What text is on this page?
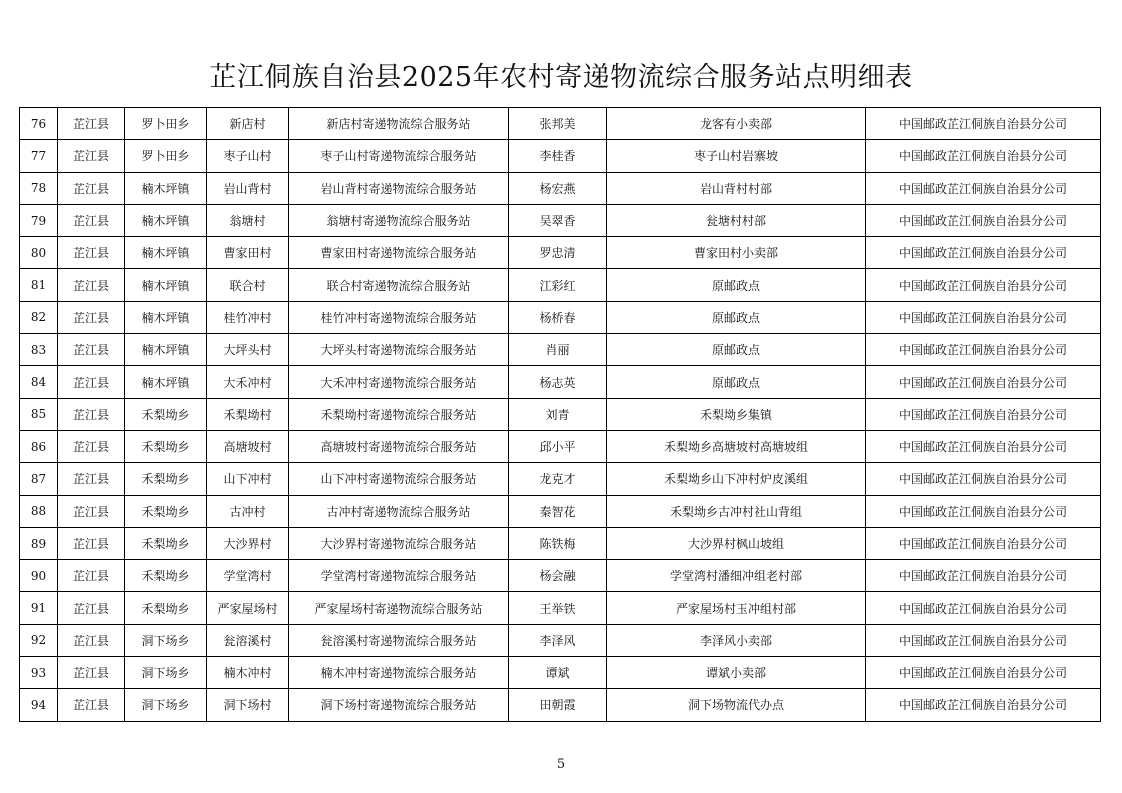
芷江侗族自治县2025年农村寄递物流综合服务站点明细表
76	芷江县	罗卜田乡	新店村	新店村寄递物流综合服务站	张邦美	龙客有小卖部	中国邮政芷江侗族自治县分公司
77	芷江县	罗卜田乡	枣子山村	枣子山村寄递物流综合服务站	李桂香	枣子山村岩寨坡	中国邮政芷江侗族自治县分公司
78	芷江县	楠木坪镇	岩山背村	岩山背村寄递物流综合服务站	杨宏燕	岩山背村村部	中国邮政芷江侗族自治县分公司
79	芷江县	楠木坪镇	翁塘村	翁塘村寄递物流综合服务站	吴翠香	瓮塘村村部	中国邮政芷江侗族自治县分公司
80	芷江县	楠木坪镇	曹家田村	曹家田村寄递物流综合服务站	罗忠清	曹家田村小卖部	中国邮政芷江侗族自治县分公司
81	芷江县	楠木坪镇	联合村	联合村寄递物流综合服务站	江彩红	原邮政点	中国邮政芷江侗族自治县分公司
82	芷江县	楠木坪镇	桂竹冲村	桂竹冲村寄递物流综合服务站	杨桥春	原邮政点	中国邮政芷江侗族自治县分公司
83	芷江县	楠木坪镇	大坪头村	大坪头村寄递物流综合服务站	肖丽	原邮政点	中国邮政芷江侗族自治县分公司
84	芷江县	楠木坪镇	大禾冲村	大禾冲村寄递物流综合服务站	杨志英	原邮政点	中国邮政芷江侗族自治县分公司
85	芷江县	禾梨坳乡	禾梨坳村	禾梨坳村寄递物流综合服务站	刘青	禾梨坳乡集镇	中国邮政芷江侗族自治县分公司
86	芷江县	禾梨坳乡	高塘坡村	高塘坡村寄递物流综合服务站	邱小平	禾梨坳乡高塘坡村高塘坡组	中国邮政芷江侗族自治县分公司
87	芷江县	禾梨坳乡	山下冲村	山下冲村寄递物流综合服务站	龙克才	禾梨坳乡山下冲村炉皮溪组	中国邮政芷江侗族自治县分公司
88	芷江县	禾梨坳乡	古冲村	古冲村寄递物流综合服务站	秦智花	禾梨坳乡古冲村社山背组	中国邮政芷江侗族自治县分公司
89	芷江县	禾梨坳乡	大沙界村	大沙界村寄递物流综合服务站	陈铁梅	大沙界村枫山坡组	中国邮政芷江侗族自治县分公司
90	芷江县	禾梨坳乡	学堂湾村	学堂湾村寄递物流综合服务站	杨会融	学堂湾村潘细冲组老村部	中国邮政芷江侗族自治县分公司
91	芷江县	禾梨坳乡	严家屋场村	严家屋场村寄递物流综合服务站	王举铁	严家屋场村玉冲组村部	中国邮政芷江侗族自治县分公司
92	芷江县	洞下场乡	瓮溶溪村	瓮溶溪村寄递物流综合服务站	李泽风	李泽风小卖部	中国邮政芷江侗族自治县分公司
93	芷江县	洞下场乡	楠木冲村	楠木冲村寄递物流综合服务站	谭斌	谭斌小卖部	中国邮政芷江侗族自治县分公司
94	芷江县	洞下场乡	洞下场村	洞下场村寄递物流综合服务站	田朝霞	洞下场物流代办点	中国邮政芷江侗族自治县分公司
5
